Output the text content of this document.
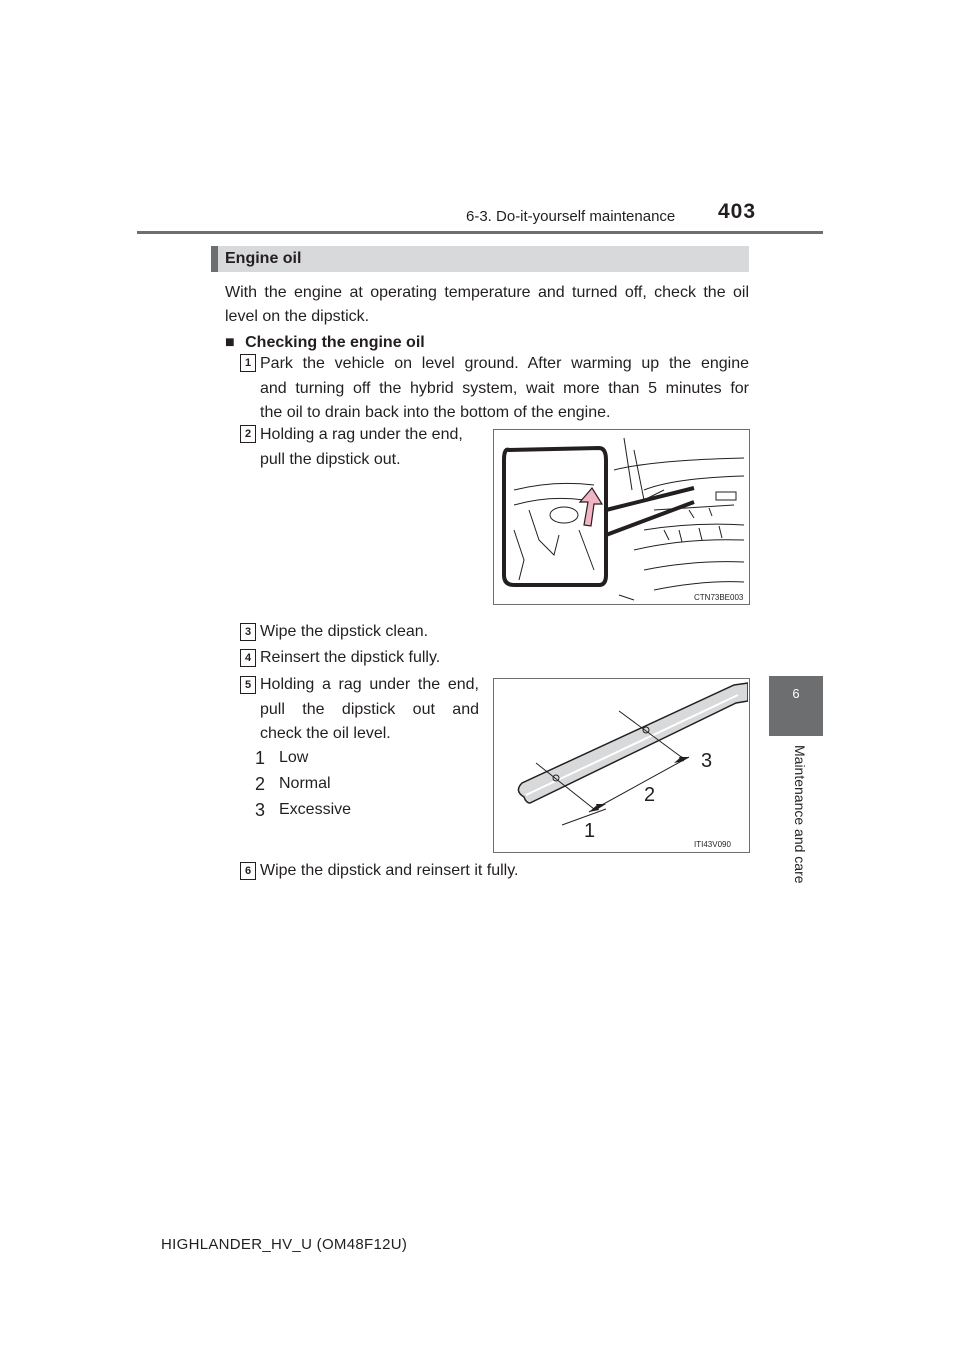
6-3. Do-it-yourself maintenance 403
6
Maintenance and care
Engine oil
With the engine at operating temperature and turned off, check the oil
level on the dipstick.
■ Checking the engine oil
1 Park the vehicle on level ground. After warming up the engine
and turning off the hybrid system, wait more than 5 minutes for
the oil to drain back into the bottom of the engine.
2 Holding a rag under the end,
pull the dipstick out.
CTN73BE003
3 Wipe the dipstick clean.
4 Reinsert the dipstick fully.
5 Holding a rag under the end,
pull the dipstick out and
check the oil level.
1 Low
2 Normal
3 Excessive
1
2
3
ITI43V090
6 Wipe the dipstick and reinsert it fully.
HIGHLANDER_HV_U (OM48F12U)
